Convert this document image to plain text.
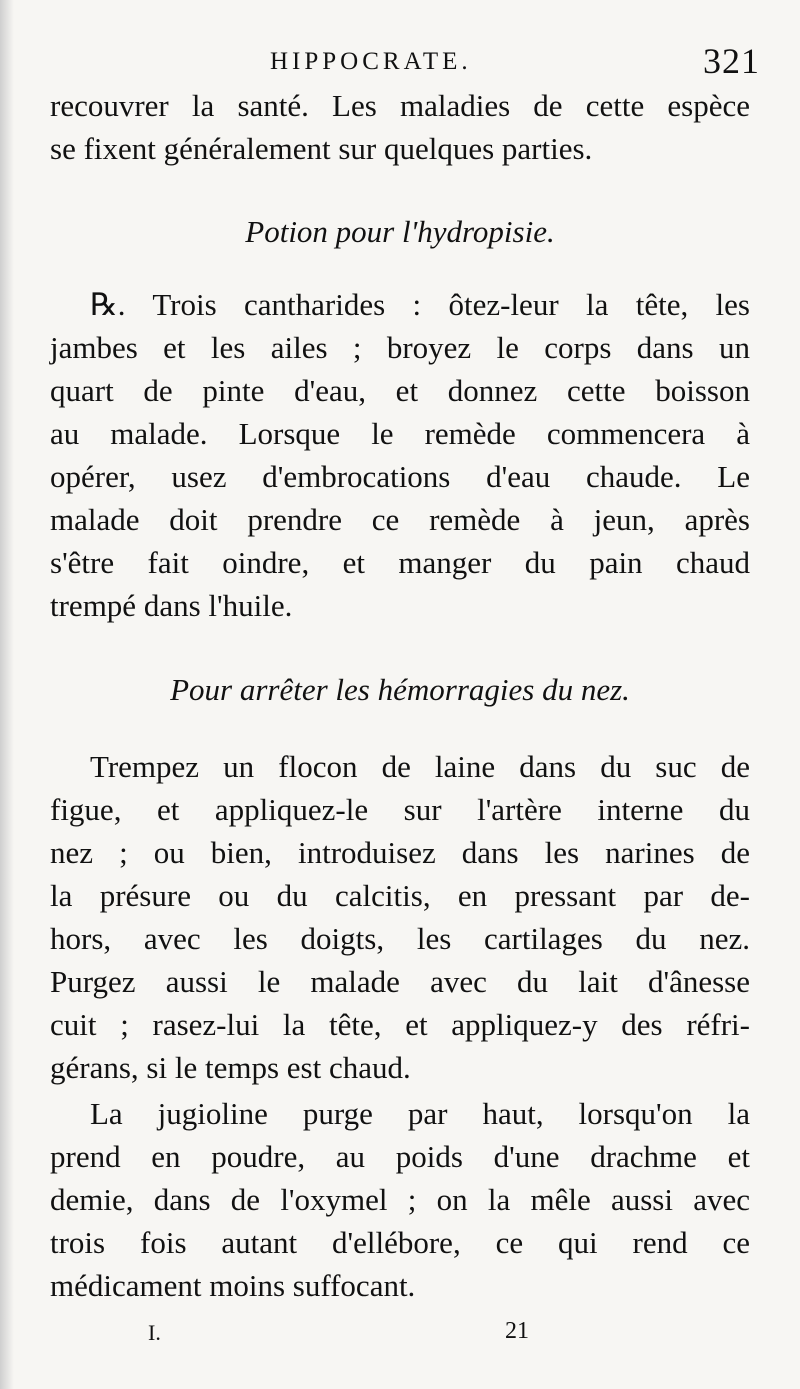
HIPPOCRATE.	321
recouvrer la santé. Les maladies de cette espèce
se fixent généralement sur quelques parties.
Potion pour l'hydropisie.
℞. Trois cantharides : ôtez-leur la tête, les
jambes et les ailes ; broyez le corps dans un
quart de pinte d'eau, et donnez cette boisson
au malade. Lorsque le remède commencera à
opérer, usez d'embrocations d'eau chaude. Le
malade doit prendre ce remède à jeun, après
s'être fait oindre, et manger du pain chaud
trempé dans l'huile.
Pour arrêter les hémorragies du nez.
Trempez un flocon de laine dans du suc de
figue, et appliquez-le sur l'artère interne du
nez ; ou bien, introduisez dans les narines de
la présure ou du calcitis, en pressant par de-
hors, avec les doigts, les cartilages du nez.
Purgez aussi le malade avec du lait d'ânesse
cuit ; rasez-lui la tête, et appliquez-y des réfri-
gérans, si le temps est chaud.
La jugioline purge par haut, lorsqu'on la
prend en poudre, au poids d'une drachme et
demie, dans de l'oxymel ; on la mêle aussi avec
trois fois autant d'ellébore, ce qui rend ce
médicament moins suffocant.
I.	21
